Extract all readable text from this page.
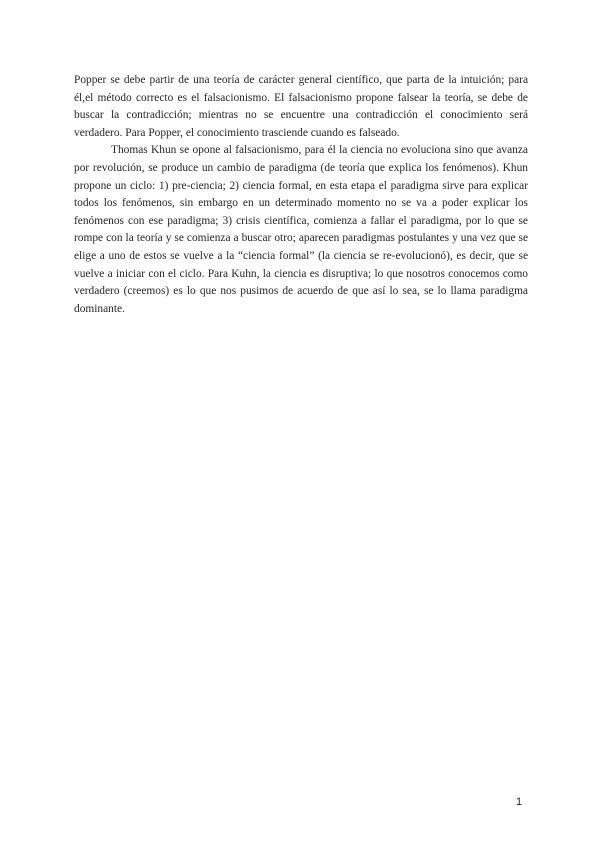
Popper se debe partir de una teoría de carácter general científico, que parta de la intuición; para él,el método correcto es el falsacionismo. El falsacionismo propone falsear la teoría, se debe de buscar la contradicción; mientras no se encuentre una contradicción el conocimiento será verdadero. Para Popper, el conocimiento trasciende cuando es falseado.

Thomas Khun se opone al falsacionismo, para él la ciencia no evoluciona sino que avanza por revolución, se produce un cambio de paradigma (de teoría que explica los fenómenos). Khun propone un ciclo: 1) pre-ciencia; 2) ciencia formal, en esta etapa el paradigma sirve para explicar todos los fenómenos, sin embargo en un determinado momento no se va a poder explicar los fenómenos con ese paradigma; 3) crisis científica, comienza a fallar el paradigma, por lo que se rompe con la teoría y se comienza a buscar otro; aparecen paradigmas postulantes y una vez que se elige a uno de estos se vuelve a la “ciencia formal” (la ciencia se re-evolucionó), es decir, que se vuelve a iniciar con el ciclo. Para Kuhn, la ciencia es disruptiva; lo que nosotros conocemos como verdadero (creemos) es lo que nos pusimos de acuerdo de que así lo sea, se lo llama paradigma dominante.

1
